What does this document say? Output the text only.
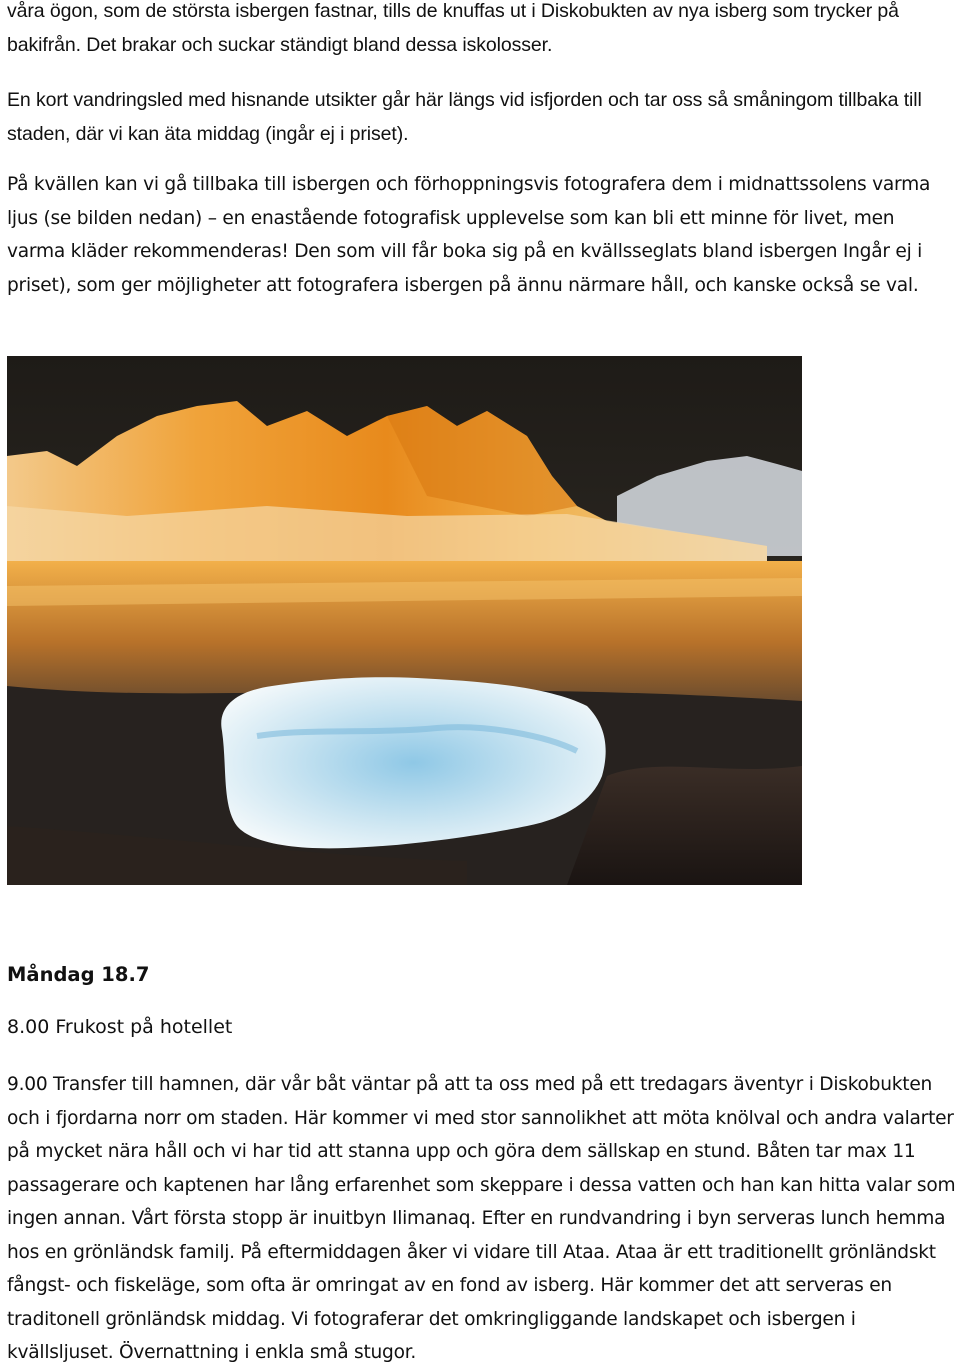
våra ögon, som de största isbergen fastnar, tills de knuffas ut i Diskobukten av nya isberg som trycker på bakifrån. Det brakar och suckar ständigt bland dessa iskolosser.

En kort vandringsled med hisnande utsikter går här längs vid isfjorden och tar oss så småningom tillbaka till staden, där vi kan äta middag (ingår ej i priset).

På kvällen kan vi gå tillbaka till isbergen och förhoppningsvis fotografera dem i midnattssolens varma ljus (se bilden nedan) – en enastående fotografisk upplevelse som kan bli ett minne för livet, men varma kläder rekommenderas! Den som vill får boka sig på en kvällsseglats bland isbergen Ingår ej i priset), som ger möjligheter att fotografera isbergen på ännu närmare håll, och kanske också se val.

Måndag 18.7

8.00 Frukost på hotellet

9.00 Transfer till hamnen, där vår båt väntar på att ta oss med på ett tredagars äventyr i Diskobukten och i fjordarna norr om staden. Här kommer vi med stor sannolikhet att möta knölval och andra valarter på mycket nära håll och vi har tid att stanna upp och göra dem sällskap en stund. Båten tar max 11 passagerare och kaptenen har lång erfarenhet som skeppare i dessa vatten och han kan hitta valar som ingen annan. Vårt första stopp är inuitbyn Ilimanaq. Efter en rundvandring i byn serveras lunch hemma hos en grönländsk familj. På eftermiddagen åker vi vidare till Ataa. Ataa är ett traditionellt grönländskt fångst- och fiskeläge, som ofta är omringat av en fond av isberg. Här kommer det att serveras en traditonell grönländsk middag. Vi fotograferar det omkringliggande landskapet och isbergen i kvällsljuset. Övernattning i enkla små stugor.
